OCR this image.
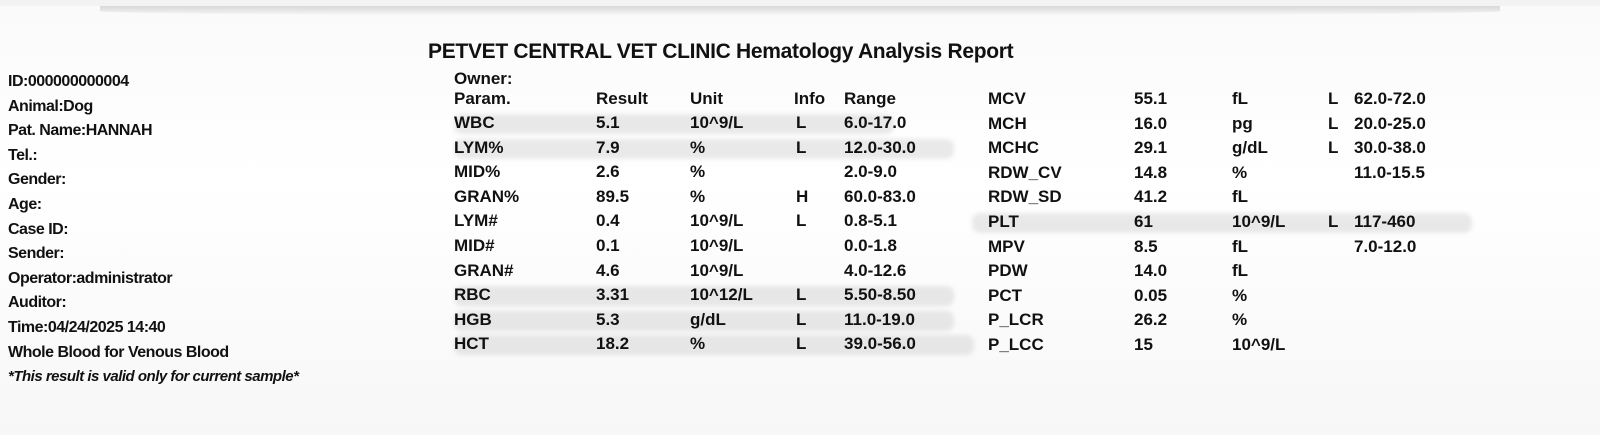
PETVET CENTRAL VET CLINIC Hematology Analysis Report
ID:000000000004
Animal:Dog
Pat. Name:HANNAH
Tel.:
Gender:
Age:
Case ID:
Sender:
Operator:administrator
Auditor:
Time:04/24/2025 14:40
Whole Blood for Venous Blood
*This result is valid only for current sample*
Owner:
Param.	Result Unit	Info Range
WBC	5.1	10^9/L	L 6.0-17.0
LYM%	7.9	%	L 12.0-30.0
MID%	2.6	%	2.0-9.0
GRAN%	89.5	%	H 60.0-83.0
LYM#	0.4	10^9/L	L 0.8-5.1
MID#	0.1	10^9/L	0.0-1.8
GRAN#	4.6	10^9/L	4.0-12.6
RBC	3.31	10^12/L	L 5.50-8.50
HGB	5.3	g/dL	L 11.0-19.0
HCT	18.2	%	L 39.0-56.0
MCV	55.1	fL	L 62.0-72.0
MCH	16.0	pg	L 20.0-25.0
MCHC	29.1	g/dL	L 30.0-38.0
RDW_CV	14.8	%	11.0-15.5
RDW_SD	41.2	fL
PLT	61	10^9/L	L 117-460
MPV	8.5	fL	7.0-12.0
PDW	14.0	fL
PCT	0.05	%
P_LCR	26.2	%
P_LCC	15	10^9/L
